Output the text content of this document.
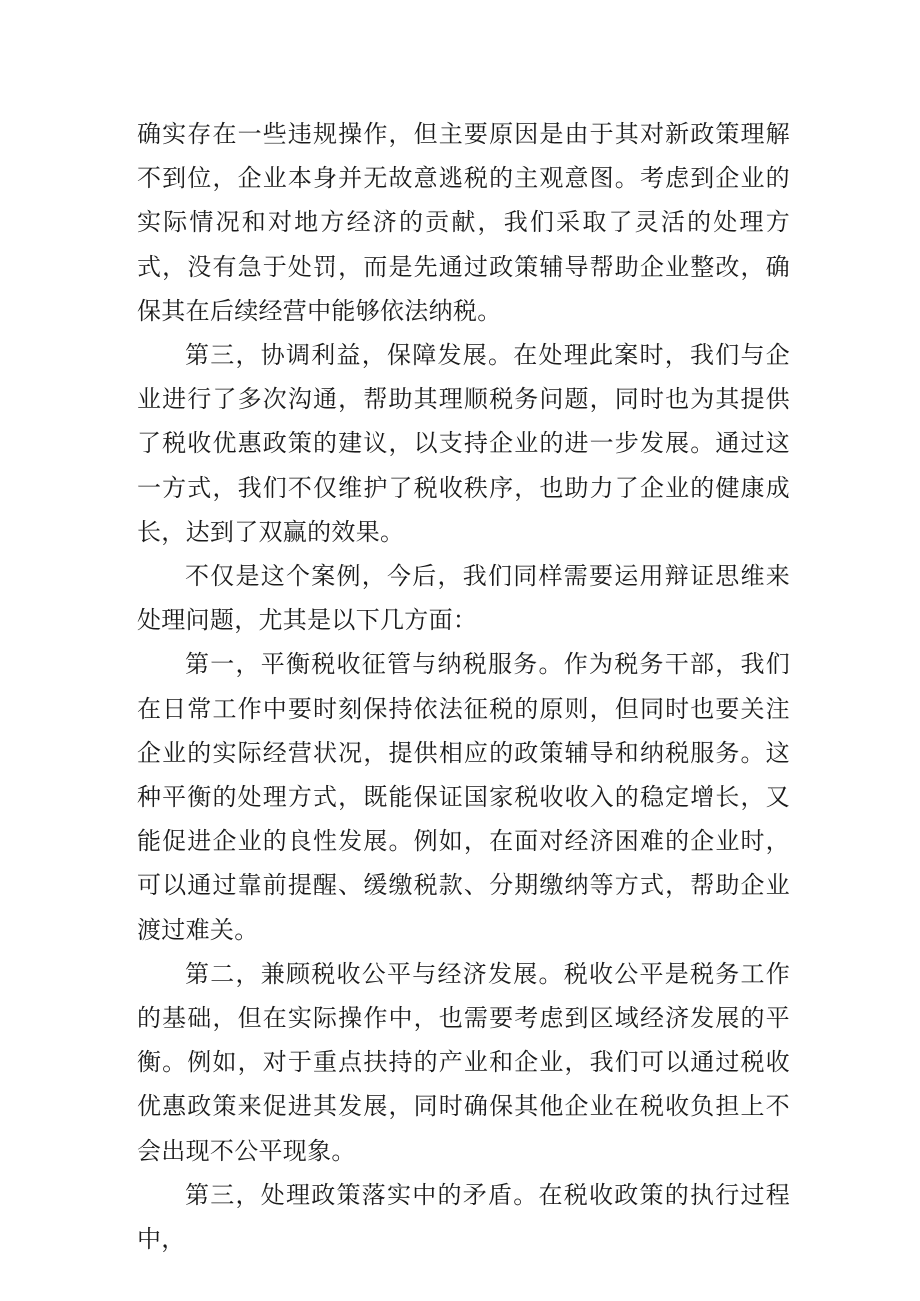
确实存在一些违规操作，但主要原因是由于其对新政策理解不到位，企业本身并无故意逃税的主观意图。考虑到企业的实际情况和对地方经济的贡献，我们采取了灵活的处理方式，没有急于处罚，而是先通过政策辅导帮助企业整改，确保其在后续经营中能够依法纳税。

第三，协调利益，保障发展。在处理此案时，我们与企业进行了多次沟通，帮助其理顺税务问题，同时也为其提供了税收优惠政策的建议，以支持企业的进一步发展。通过这一方式，我们不仅维护了税收秩序，也助力了企业的健康成长，达到了双赢的效果。

不仅是这个案例，今后，我们同样需要运用辩证思维来处理问题，尤其是以下几方面：

第一，平衡税收征管与纳税服务。作为税务干部，我们在日常工作中要时刻保持依法征税的原则，但同时也要关注企业的实际经营状况，提供相应的政策辅导和纳税服务。这种平衡的处理方式，既能保证国家税收收入的稳定增长，又能促进企业的良性发展。例如，在面对经济困难的企业时，可以通过靠前提醒、缓缴税款、分期缴纳等方式，帮助企业渡过难关。

第二，兼顾税收公平与经济发展。税收公平是税务工作的基础，但在实际操作中，也需要考虑到区域经济发展的平衡。例如，对于重点扶持的产业和企业，我们可以通过税收优惠政策来促进其发展，同时确保其他企业在税收负担上不会出现不公平现象。

第三，处理政策落实中的矛盾。在税收政策的执行过程中，
